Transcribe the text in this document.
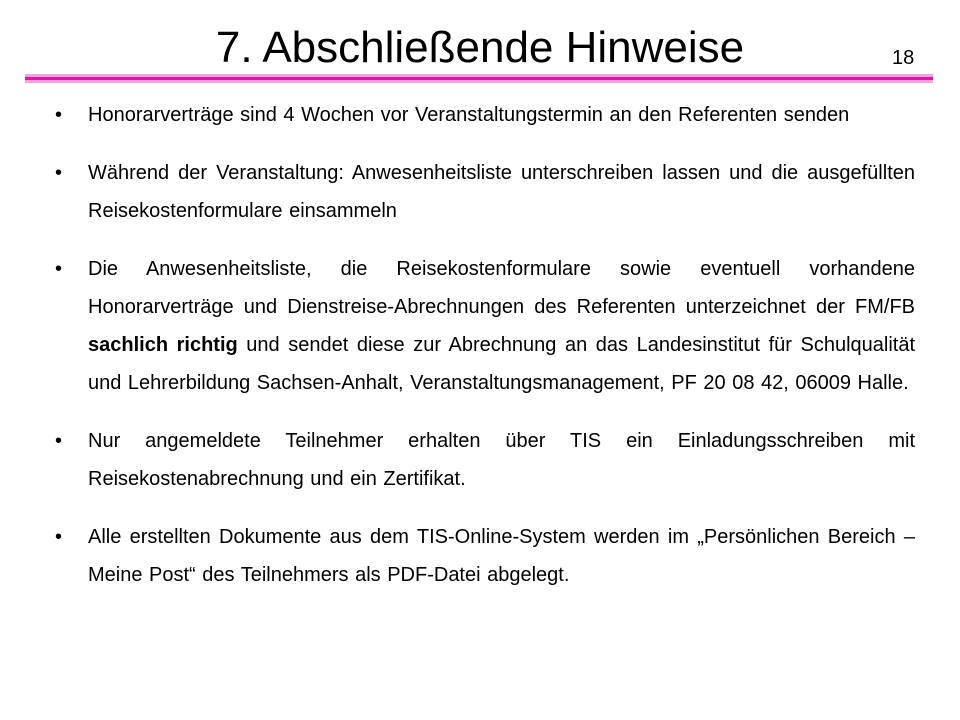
7. Abschließende Hinweise	18
•	Honorarverträge sind 4 Wochen vor Veranstaltungstermin an den Referenten senden
•	Während der Veranstaltung: Anwesenheitsliste unterschreiben lassen und die ausgefüllten Reisekostenformulare einsammeln
•	Die Anwesenheitsliste, die Reisekostenformulare sowie eventuell vorhandene Honorarverträge und Dienstreise-Abrechnungen des Referenten unterzeichnet der FM/FB sachlich richtig und sendet diese zur Abrechnung an das Landesinstitut für Schulqualität und Lehrerbildung Sachsen-Anhalt, Veranstaltungsmanagement, PF 20 08 42, 06009 Halle.
•	Nur angemeldete Teilnehmer erhalten über TIS ein Einladungsschreiben mit Reisekostenabrechnung und ein Zertifikat.
•	Alle erstellten Dokumente aus dem TIS-Online-System werden im „Persönlichen Bereich – Meine Post“ des Teilnehmers als PDF-Datei abgelegt.
